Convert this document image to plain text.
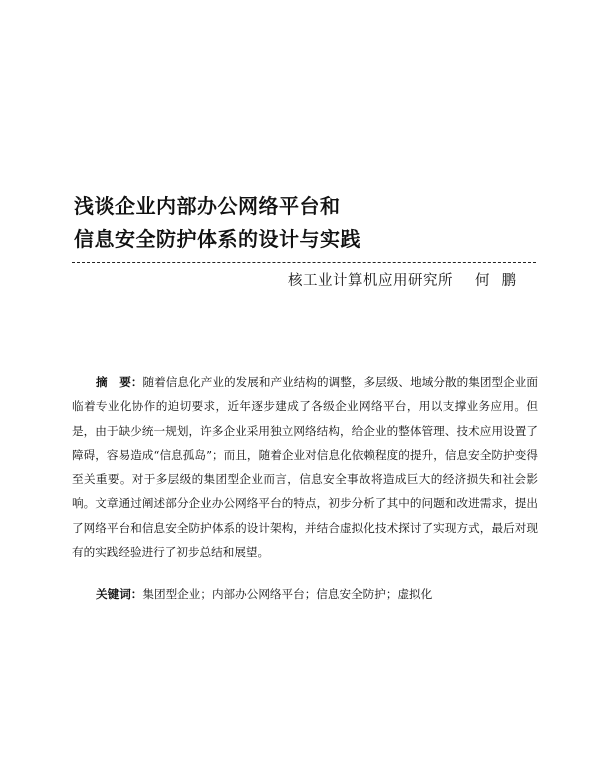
浅谈企业内部办公网络平台和
信息安全防护体系的设计与实践
核工业计算机应用研究所 何鹏

摘　要：随着信息化产业的发展和产业结构的调整，多层级、地域分散的集团型企业面临着专业化协作的迫切要求，近年逐步建成了各级企业网络平台，用以支撑业务应用。但是，由于缺少统一规划，许多企业采用独立网络结构，给企业的整体管理、技术应用设置了障碍，容易造成“信息孤岛”；而且，随着企业对信息化依赖程度的提升，信息安全防护变得至关重要。对于多层级的集团型企业而言，信息安全事故将造成巨大的经济损失和社会影响。文章通过阐述部分企业办公网络平台的特点，初步分析了其中的问题和改进需求，提出了网络平台和信息安全防护体系的设计架构，并结合虚拟化技术探讨了实现方式，最后对现有的实践经验进行了初步总结和展望。

关键词：集团型企业；内部办公网络平台；信息安全防护；虚拟化
